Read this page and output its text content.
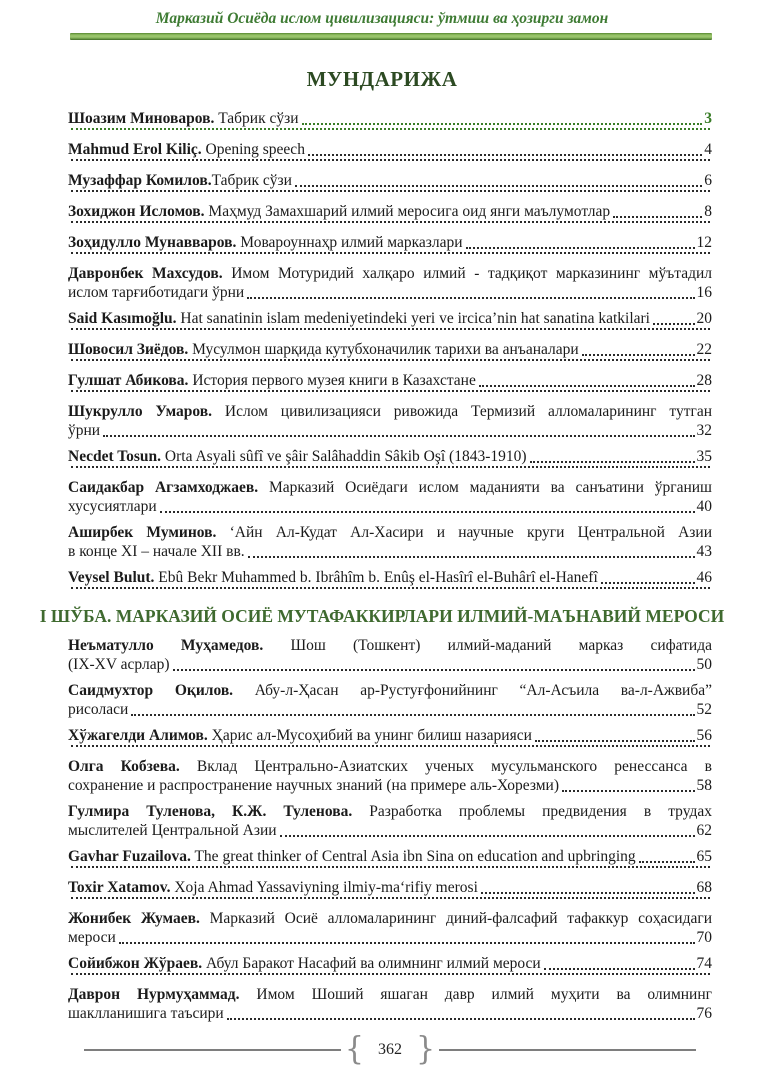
Марказий Осиёда ислом цивилизацияси: ўтмиш ва ҳозирги замон
МУНДАРИЖА
Шоазим Миноваров. Табрик сўзи	3
Mahmud Erol Kiliç. Opening speech	4
Музаффар Комилов.Табрик сўзи	6
Зохиджон Исломов. Маҳмуд Замахшарий илмий меросига оид янги маълумотлар	8
Зоҳидулло Мунавваров. Мовароуннаҳр илмий марказлари	12
Давронбек Махсудов. Имом Мотуридий халқаро илмий - тадқиқот марказининг мўътадил
ислом тарғиботидаги ўрни	16
Said Kasımoğlu. Hat sanatinin islam medeniyetindeki yeri ve ircica’nin hat sanatina katkilari	20
Шовосил Зиёдов. Мусулмон шарқида кутубхоначилик тарихи ва анъаналари	22
Гулшат Абикова. История первого музея книги в Казахстане	28
Шукрулло Умаров. Ислом цивилизацияси ривожида Термизий алломаларининг тутган
ўрни	32
Necdet Tosun. Orta Asyali sûfî ve şâir Salâhaddin Sâkib Oşî (1843-1910)	35
Саидакбар Агзамходжаев. Марказий Осиёдаги ислом маданияти ва санъатини ўрганиш
хусусиятлари	40
Аширбек Муминов. ‘Айн Ал-Кудат Ал-Хасири и научные круги Центральной Азии
в конце XI – начале XII вв.	43
Veysel Bulut. Ebû Bekr Muhammed b. Ibrâhîm b. Enûş el-Hasîrî el-Buhârî el-Hanefî	46
І ШЎБА. МАРКАЗИЙ ОСИЁ МУТАФАККИРЛАРИ ИЛМИЙ-МАЪНАВИЙ МЕРОСИ
Неъматулло Муҳамедов. Шош (Тошкент) илмий-маданий марказ сифатида
(IX-XV асрлар)	50
Саидмухтор Оқилов. Абу-л-Ҳасан ар-Рустуғфонийнинг “Ал-Асъила ва-л-Ажвиба”
рисоласи	52
Хўжагелди Алимов. Ҳарис ал-Мусоҳибий ва унинг билиш назарияси	56
Олга Кобзева. Вклад Центрально-Азиатских ученых мусульманского ренессанса в
сохранение и распространение научных знаний (на примере аль-Хорезми)	58
Гулмира Туленова, К.Ж. Туленова. Разработка проблемы предвидения в трудах
мыслителей Центральной Азии	62
Gavhar Fuzailova. The great thinker of Central Asia ibn Sina on education and upbringing	65
Toxir Xatamov. Xoja Ahmad Yassaviyning ilmiy-ma‘rifiy merosi	68
Жонибек Жумаев. Марказий Осиё алломаларининг диний-фалсафий тафаккур соҳасидаги
мероси	70
Сойибжон Жўраев. Абул Баракот Насафий ва олимнинг илмий мероси	74
Даврон Нурмуҳаммад. Имом Шоший яшаган давр илмий муҳити ва олимнинг
шаклланишига таъсири	76
{ 362 }
